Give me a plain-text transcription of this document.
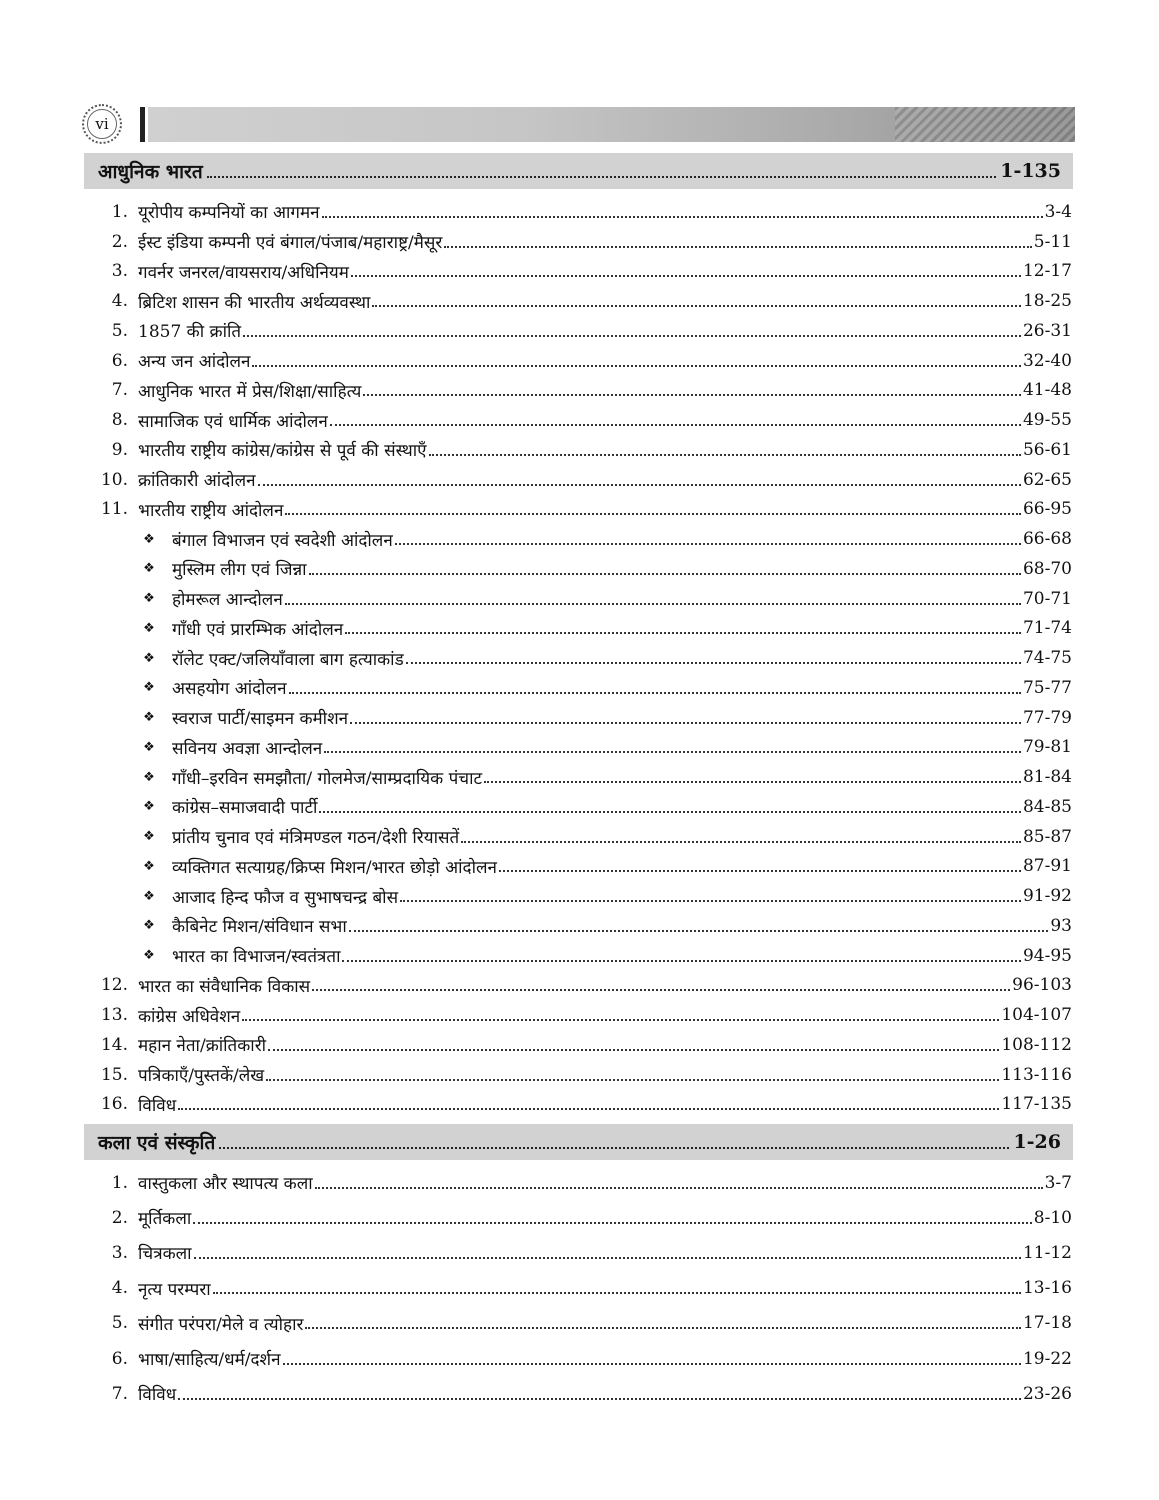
vi
आधुनिक भारत	1-135
1. यूरोपीय कम्पनियों का आगमन	3-4
2. ईस्ट इंडिया कम्पनी एवं बंगाल/पंजाब/महाराष्ट्र/मैसूर	5-11
3. गवर्नर जनरल/वायसराय/अधिनियम	12-17
4. ब्रिटिश शासन की भारतीय अर्थव्यवस्था	18-25
5. 1857 की क्रांति	26-31
6. अन्य जन आंदोलन	32-40
7. आधुनिक भारत में प्रेस/शिक्षा/साहित्य	41-48
8. सामाजिक एवं धार्मिक आंदोलन	49-55
9. भारतीय राष्ट्रीय कांग्रेस/कांग्रेस से पूर्व की संस्थाएँ	56-61
10. क्रांतिकारी आंदोलन	62-65
11. भारतीय राष्ट्रीय आंदोलन	66-95
❖ बंगाल विभाजन एवं स्वदेशी आंदोलन	66-68
❖ मुस्लिम लीग एवं जिन्ना	68-70
❖ होमरूल आन्दोलन	70-71
❖ गाँधी एवं प्रारम्भिक आंदोलन	71-74
❖ रॉलेट एक्ट/जलियाँवाला बाग हत्याकांड	74-75
❖ असहयोग आंदोलन	75-77
❖ स्वराज पार्टी/साइमन कमीशन	77-79
❖ सविनय अवज्ञा आन्दोलन	79-81
❖ गाँधी–इरविन समझौता/ गोलमेज/साम्प्रदायिक पंचाट	81-84
❖ कांग्रेस–समाजवादी पार्टी	84-85
❖ प्रांतीय चुनाव एवं मंत्रिमण्डल गठन/देशी रियासतें	85-87
❖ व्यक्तिगत सत्याग्रह/क्रिप्स मिशन/भारत छोड़ो आंदोलन	87-91
❖ आजाद हिन्द फौज व सुभाषचन्द्र बोस	91-92
❖ कैबिनेट मिशन/संविधान सभा	93
❖ भारत का विभाजन/स्वतंत्रता	94-95
12. भारत का संवैधानिक विकास	96-103
13. कांग्रेस अधिवेशन	104-107
14. महान नेता/क्रांतिकारी	108-112
15. पत्रिकाएँ/पुस्तकें/लेख	113-116
16. विविध	117-135
कला एवं संस्कृति	1-26
1. वास्तुकला और स्थापत्य कला	3-7
2. मूर्तिकला	8-10
3. चित्रकला	11-12
4. नृत्य परम्परा	13-16
5. संगीत परंपरा/मेले व त्योहार	17-18
6. भाषा/साहित्य/धर्म/दर्शन	19-22
7. विविध	23-26
